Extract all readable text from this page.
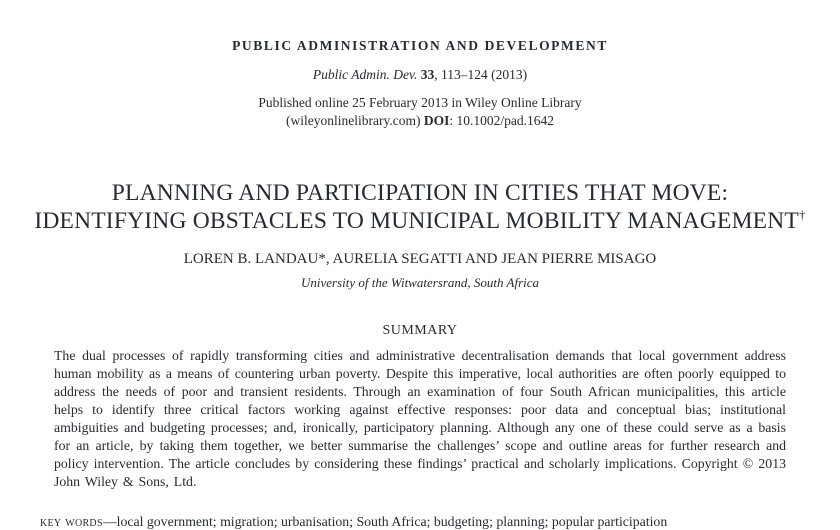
PUBLIC ADMINISTRATION AND DEVELOPMENT
Public Admin. Dev. 33, 113–124 (2013)
Published online 25 February 2013 in Wiley Online Library
(wileyonlinelibrary.com) DOI: 10.1002/pad.1642
PLANNING AND PARTICIPATION IN CITIES THAT MOVE:
IDENTIFYING OBSTACLES TO MUNICIPAL MOBILITY MANAGEMENT†
LOREN B. LANDAU*, AURELIA SEGATTI AND JEAN PIERRE MISAGO
University of the Witwatersrand, South Africa
SUMMARY
The dual processes of rapidly transforming cities and administrative decentralisation demands that local government address human mobility as a means of countering urban poverty. Despite this imperative, local authorities are often poorly equipped to address the needs of poor and transient residents. Through an examination of four South African municipalities, this article helps to identify three critical factors working against effective responses: poor data and conceptual bias; institutional ambiguities and budgeting processes; and, ironically, participatory planning. Although any one of these could serve as a basis for an article, by taking them together, we better summarise the challenges’ scope and outline areas for further research and policy intervention. The article concludes by considering these findings’ practical and scholarly implications. Copyright © 2013 John Wiley & Sons, Ltd.
key words—local government; migration; urbanisation; South Africa; budgeting; planning; popular participation
